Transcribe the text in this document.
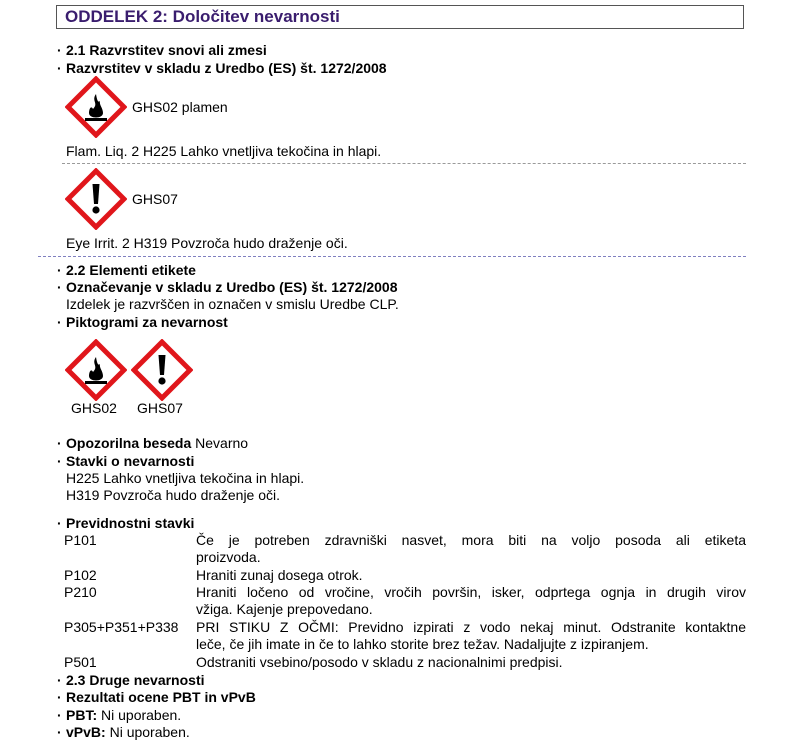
ODDELEK 2: Določitev nevarnosti
· 2.1 Razvrstitev snovi ali zmesi
· Razvrstitev v skladu z Uredbo (ES) št. 1272/2008
GHS02 plamen
Flam. Liq. 2 H225 Lahko vnetljiva tekočina in hlapi.
GHS07
Eye Irrit. 2 H319 Povzroča hudo draženje oči.
· 2.2 Elementi etikete
· Označevanje v skladu z Uredbo (ES) št. 1272/2008
Izdelek je razvrščen in označen v smislu Uredbe CLP.
· Piktogrami za nevarnost
GHS02 GHS07
· Opozorilna beseda Nevarno
· Stavki o nevarnosti
H225 Lahko vnetljiva tekočina in hlapi.
H319 Povzroča hudo draženje oči.
· Previdnostni stavki
P101	Če je potreben zdravniški nasvet, mora biti na voljo posoda ali etiketa
proizvoda.
P102	Hraniti zunaj dosega otrok.
P210	Hraniti ločeno od vročine, vročih površin, isker, odprtega ognja in drugih virov
vžiga. Kajenje prepovedano.
P305+P351+P338 PRI STIKU Z OČMI: Previdno izpirati z vodo nekaj minut. Odstranite kontaktne
leče, če jih imate in če to lahko storite brez težav. Nadaljujte z izpiranjem.
P501	Odstraniti vsebino/posodo v skladu z nacionalnimi predpisi.
· 2.3 Druge nevarnosti
· Rezultati ocene PBT in vPvB
· PBT: Ni uporaben.
· vPvB: Ni uporaben.
